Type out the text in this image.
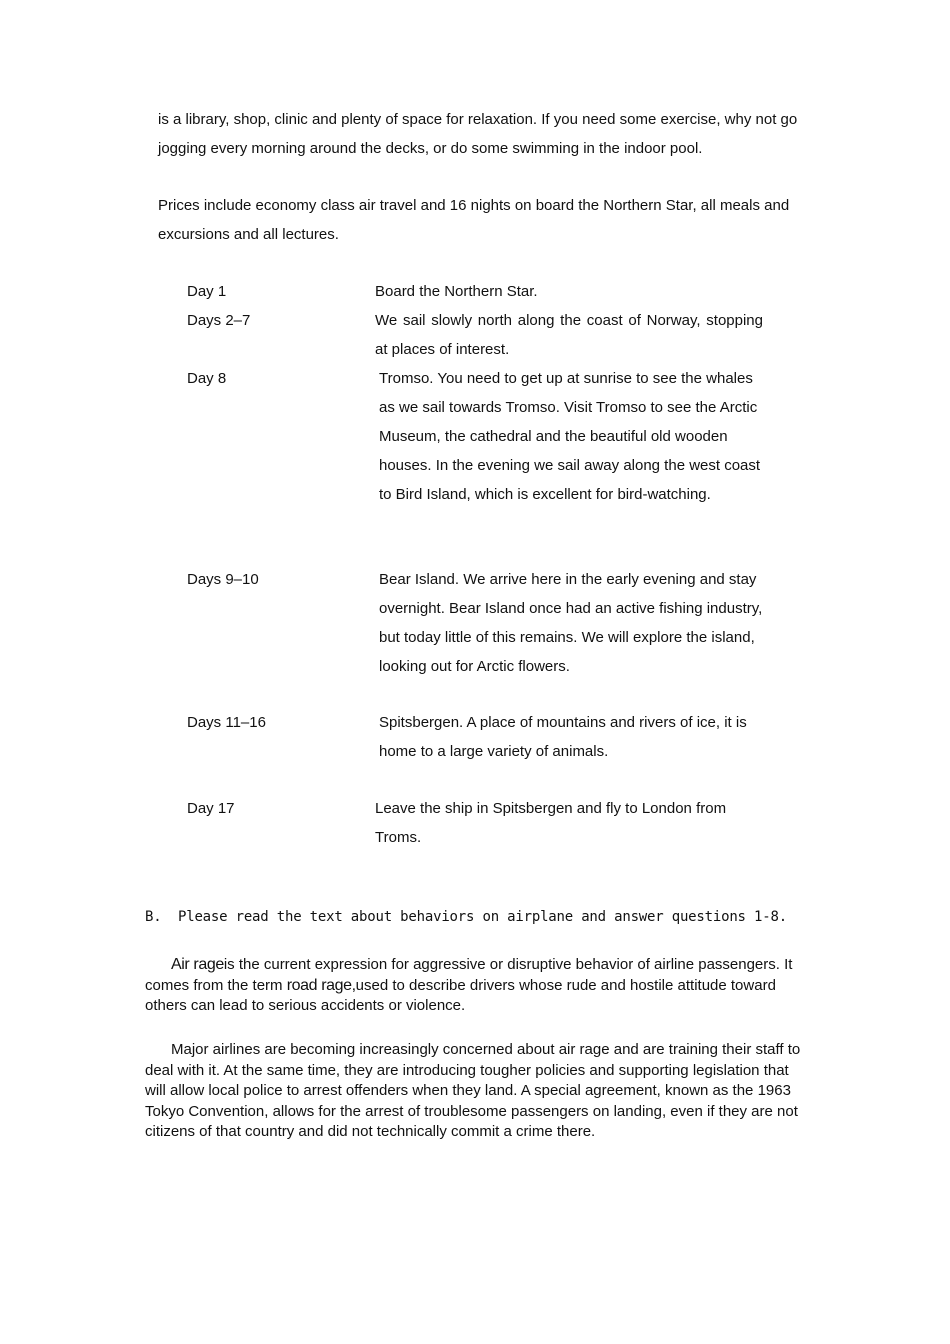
is a library, shop, clinic and plenty of space for relaxation. If you need some exercise, why not go jogging every morning around the decks, or do some swimming in the indoor pool.
Prices include economy class air travel and 16 nights on board the Northern Star, all meals and excursions and all lectures.
Day 1	Board the Northern Star.
Days 2–7	We sail slowly north along the coast of Norway, stopping at places of interest.
Day 8	Tromso. You need to get up at sunrise to see the whales as we sail towards Tromso. Visit Tromso to see the Arctic Museum, the cathedral and the beautiful old wooden houses. In the evening we sail away along the west coast to Bird Island, which is excellent for bird-watching.
Days 9–10	Bear Island. We arrive here in the early evening and stay overnight. Bear Island once had an active fishing industry, but today little of this remains. We will explore the island, looking out for Arctic flowers.
Days 11–16	Spitsbergen. A place of mountains and rivers of ice, it is home to a large variety of animals.
Day 17	Leave the ship in Spitsbergen and fly to London from Troms.
B. Please read the text about behaviors on airplane and answer questions 1-8.
Air rageis the current expression for aggressive or disruptive behavior of airline passengers. It comes from the term road rage,used to describe drivers whose rude and hostile attitude toward others can lead to serious accidents or violence.
Major airlines are becoming increasingly concerned about air rage and are training their staff to deal with it. At the same time, they are introducing tougher policies and supporting legislation that will allow local police to arrest offenders when they land. A special agreement, known as the 1963 Tokyo Convention, allows for the arrest of troublesome passengers on landing, even if they are not citizens of that country and did not technically commit a crime there.
